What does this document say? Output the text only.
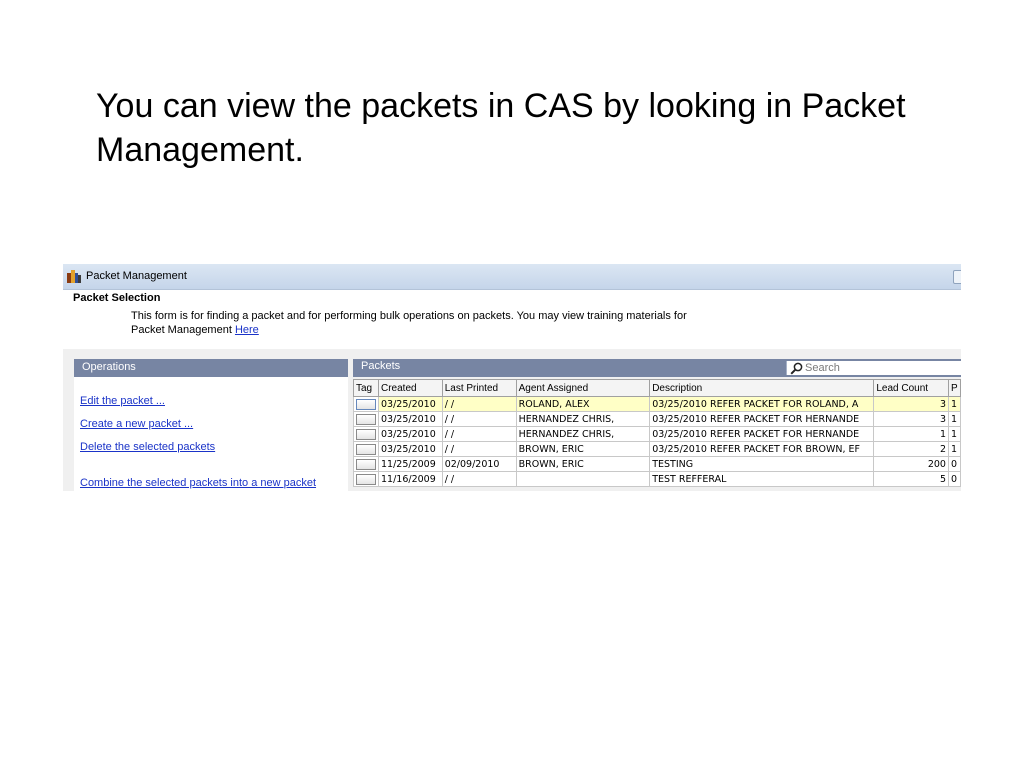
You can view the packets in CAS by looking in Packet Management.
Packet Management
Packet Selection
This form is for finding a packet and for performing bulk operations on packets. You may view training materials for Packet Management Here
Operations
Edit the packet ...
Create a new packet ...
Delete the selected packets
Combine the selected packets into a new packet
Packets
Search
Tag	Created	Last Printed	Agent Assigned	Description	Lead Count	P

	03/25/2010	/ /	ROLAND, ALEX	03/25/2010 REFER PACKET FOR ROLAND, A	3	1

	03/25/2010	/ /	HERNANDEZ CHRIS,	03/25/2010 REFER PACKET FOR HERNANDE	3	1

	03/25/2010	/ /	HERNANDEZ CHRIS,	03/25/2010 REFER PACKET FOR HERNANDE	1	1

	03/25/2010	/ /	BROWN, ERIC	03/25/2010 REFER PACKET FOR BROWN, EF	2	1

	11/25/2009	02/09/2010	BROWN, ERIC	TESTING	200	0

	11/16/2009	/ /		TEST REFFERAL	5	0
